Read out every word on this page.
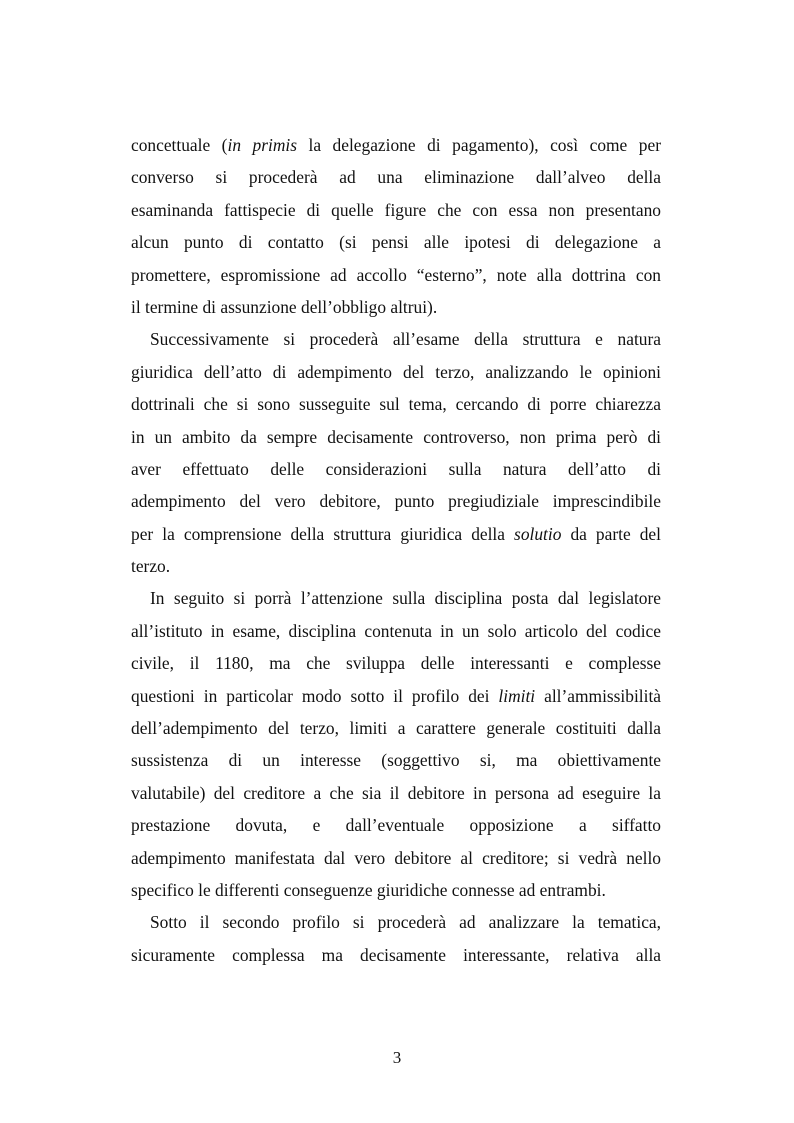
concettuale (in primis la delegazione di pagamento), così come per
converso si procederà ad una eliminazione dall’alveo della
esaminanda fattispecie di quelle figure che con essa non presentano
alcun punto di contatto (si pensi alle ipotesi di delegazione a
promettere, espromissione ad accollo “esterno”, note alla dottrina con
il termine di assunzione dell’obbligo altrui).
Successivamente si procederà all’esame della struttura e natura
giuridica dell’atto di adempimento del terzo, analizzando le opinioni
dottrinali che si sono susseguite sul tema, cercando di porre chiarezza
in un ambito da sempre decisamente controverso, non prima però di
aver effettuato delle considerazioni sulla natura dell’atto di
adempimento del vero debitore, punto pregiudiziale imprescindibile
per la comprensione della struttura giuridica della solutio da parte del
terzo.
In seguito si porrà l’attenzione sulla disciplina posta dal legislatore
all’istituto in esame, disciplina contenuta in un solo articolo del codice
civile, il 1180, ma che sviluppa delle interessanti e complesse
questioni in particolar modo sotto il profilo dei limiti all’ammissibilità
dell’adempimento del terzo, limiti a carattere generale costituiti dalla
sussistenza di un interesse (soggettivo si, ma obiettivamente
valutabile) del creditore a che sia il debitore in persona ad eseguire la
prestazione dovuta, e dall’eventuale opposizione a siffatto
adempimento manifestata dal vero debitore al creditore; si vedrà nello
specifico le differenti conseguenze giuridiche connesse ad entrambi.
Sotto il secondo profilo si procederà ad analizzare la tematica,
sicuramente complessa ma decisamente interessante, relativa alla
3
